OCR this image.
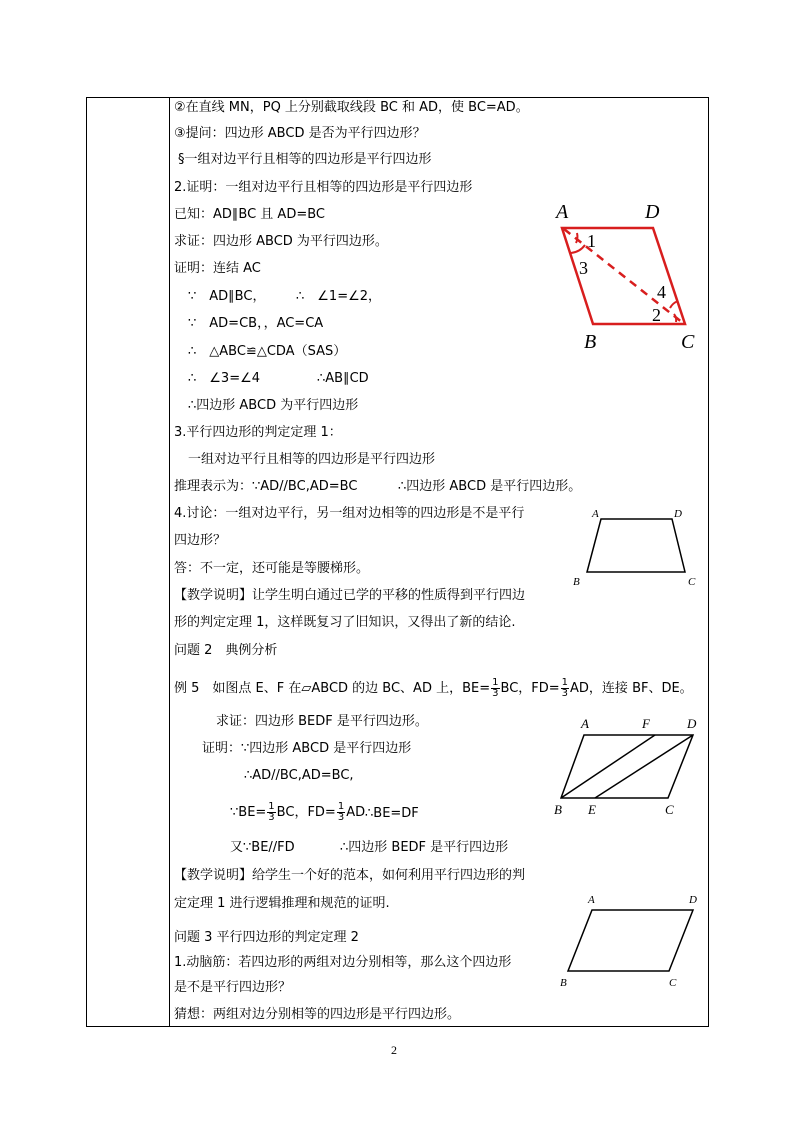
②在直线 MN，PQ 上分别截取线段 BC 和 AD，使 BC=AD。
③提问：四边形 ABCD 是否为平行四边形？
§一组对边平行且相等的四边形是平行四边形
2.证明：一组对边平行且相等的四边形是平行四边形
已知：AD∥BC 且 AD=BC
求证：四边形 ABCD 为平行四边形。
证明：连结 AC
∵　AD∥BC， ∴　∠1=∠2，
∵　AD=CB，，AC=CA
∴　△ABC≌△CDA（SAS）
∴　∠3=∠4	∴AB∥CD
∴四边形 ABCD 为平行四边形
3.平行四边形的判定定理 1：
一组对边平行且相等的四边形是平行四边形
推理表示为：∵AD//BC,AD=BC	∴四边形 ABCD 是平行四边形。
4.讨论：一组对边平行，另一组对边相等的四边形是不是平行
四边形？
答：不一定，还可能是等腰梯形。
【教学说明】让学生明白通过已学的平移的性质得到平行四边
形的判定定理 1，这样既复习了旧知识，又得出了新的结论.
问题 2　典例分析
例 5　如图点 E、F 在▱ABCD 的边 BC、AD 上，$BE= \frac{1}{3}$ BC，$FD= \frac{1}{3}$ AD，连接 BF、DE。
求证：四边形 BEDF 是平行四边形。
证明：∵四边形 ABCD 是平行四边形
∴AD//BC,AD=BC,
∵BE= $\frac{1}{3}$ BC，$FD= \frac{1}{3}$ AD ∴BE=DF
又∵BE//FD	∴四边形 BEDF 是平行四边形
【教学说明】给学生一个好的范本，如何利用平行四边形的判
定定理 1 进行逻辑推理和规范的证明.
问题 3 平行四边形的判定定理 2
1.动脑筋：若四边形的两组对边分别相等，那么这个四边形
是不是平行四边形？
猜想：两组对边分别相等的四边形是平行四边形。
A	D
B	C
1
3
4
2
A	D
B	C
A	F	D
B E	C
A	D
B	C
2
